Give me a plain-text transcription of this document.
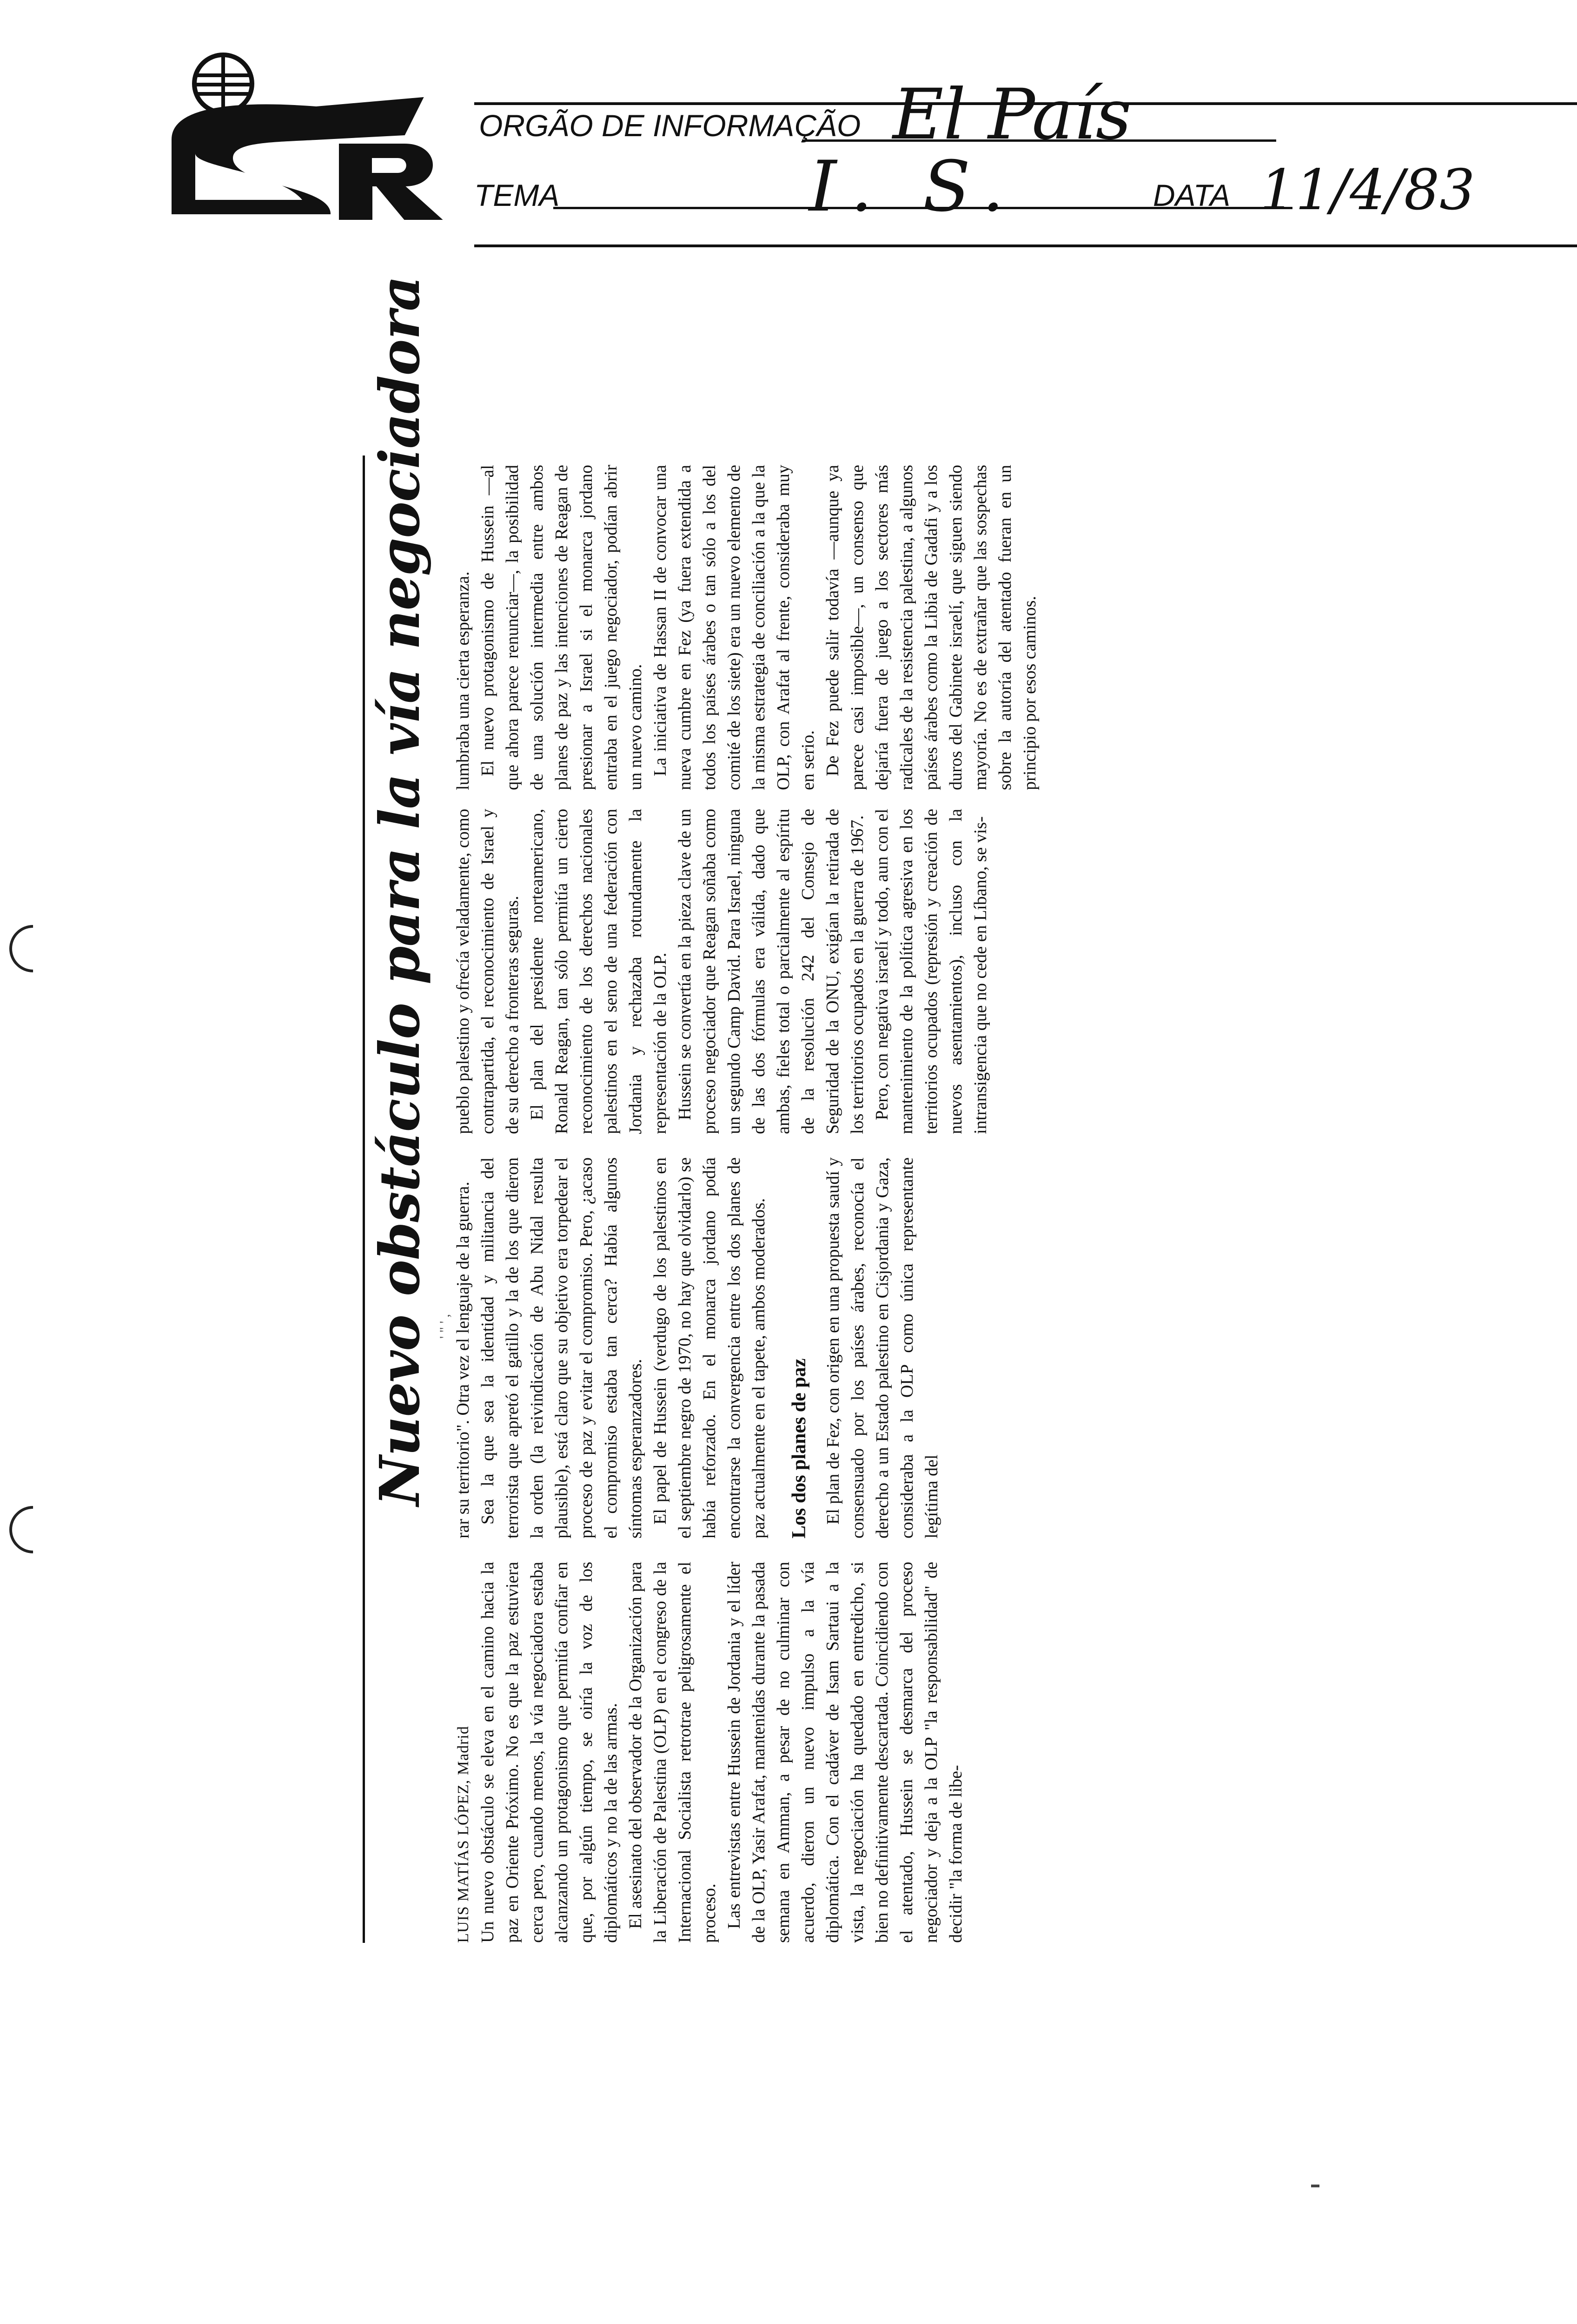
ORGÃO DE INFORMAÇÃO El País
TEMA	I. S.	DATA 11/4/83
Nuevo obstáculo para la vía negociadora ' " ' ,

LUIS MATÍAS LÓPEZ, Madrid Un nuevo obstáculo se eleva en el camino hacia la paz en Oriente Próximo. No es que la paz estuviera cerca pero, cuando menos, la vía negociadora estaba alcanzando un protagonismo que permitía confiar en que, por algún tiempo, se oiría la voz de los diplomáticos y no la de las armas. El asesinato del observador de la Organización para la Liberación de Palestina (OLP) en el congreso de la Internacional Socialista retrotrae peligrosamente el proceso. Las entrevistas entre Hussein de Jordania y el líder de la OLP, Yasir Arafat, mantenidas durante la pasada semana en Amman, a pesar de no culminar con acuerdo, dieron un nuevo impulso a la vía diplomática. Con el cadáver de Isam Sartaui a la vista, la negociación ha quedado en entredicho, si bien no definitivamente descartada. Coincidiendo con el atentado, Hussein se desmarca del proceso negociador y deja a la OLP "la responsabilidad" de decidir "la forma de libe-

rar su territorio". Otra vez el lenguaje de la guerra. Sea la que sea la identidad y militancia del terrorista que apretó el gatillo y la de los que dieron la orden (la reivindicación de Abu Nidal resulta plausible), está claro que su objetivo era torpedear el proceso de paz y evitar el compromiso. Pero, ¿acaso el compromiso estaba tan cerca? Había algunos síntomas esperanzadores. El papel de Hussein (verdugo de los palestinos en el septiembre negro de 1970, no hay que olvidarlo) se había reforzado. En el monarca jordano podía encontrarse la convergencia entre los dos planes de paz actualmente en el tapete, ambos moderados. Los dos planes de paz El plan de Fez, con origen en una propuesta saudí y consensuado por los países árabes, reconocía el derecho a un Estado palestino en Cisjordania y Gaza, consideraba a la OLP como única representante legítima del

pueblo palestino y ofrecía veladamente, como contrapartida, el reconocimiento de Israel y de su derecho a fronteras seguras. El plan del presidente norteamericano, Ronald Reagan, tan sólo permitía un cierto reconocimiento de los derechos nacionales palestinos en el seno de una federación con Jordania y rechazaba rotundamente la representación de la OLP. Hussein se convertía en la pieza clave de un proceso negociador que Reagan soñaba como un segundo Camp David. Para Israel, ninguna de las dos fórmulas era válida, dado que ambas, fieles total o parcialmente al espíritu de la resolución 242 del Consejo de Seguridad de la ONU, exigían la retirada de los territorios ocupados en la guerra de 1967. Pero, con negativa israelí y todo, aun con el mantenimiento de la política agresiva en los territorios ocupados (represión y creación de nuevos asentamientos), incluso con la intransigencia que no cede en Líbano, se vis-

lumbraba una cierta esperanza. El nuevo protagonismo de Hussein —al que ahora parece renunciar—, la posibilidad de una solución intermedia entre ambos planes de paz y las intenciones de Reagan de presionar a Israel si el monarca jordano entraba en el juego negociador, podían abrir un nuevo camino. La iniciativa de Hassan II de convocar una nueva cumbre en Fez (ya fuera extendida a todos los países árabes o tan sólo a los del comité de los siete) era un nuevo elemento de la misma estrategia de conciliación a la que la OLP, con Arafat al frente, consideraba muy en serio. De Fez puede salir todavía —aunque ya parece casi imposible—, un consenso que dejaría fuera de juego a los sectores más radicales de la resistencia palestina, a algunos países árabes como la Libia de Gadafi y a los duros del Gabinete israelí, que siguen siendo mayoría. No es de extrañar que las sospechas sobre la autoría del atentado fueran en un principio por esos caminos.
